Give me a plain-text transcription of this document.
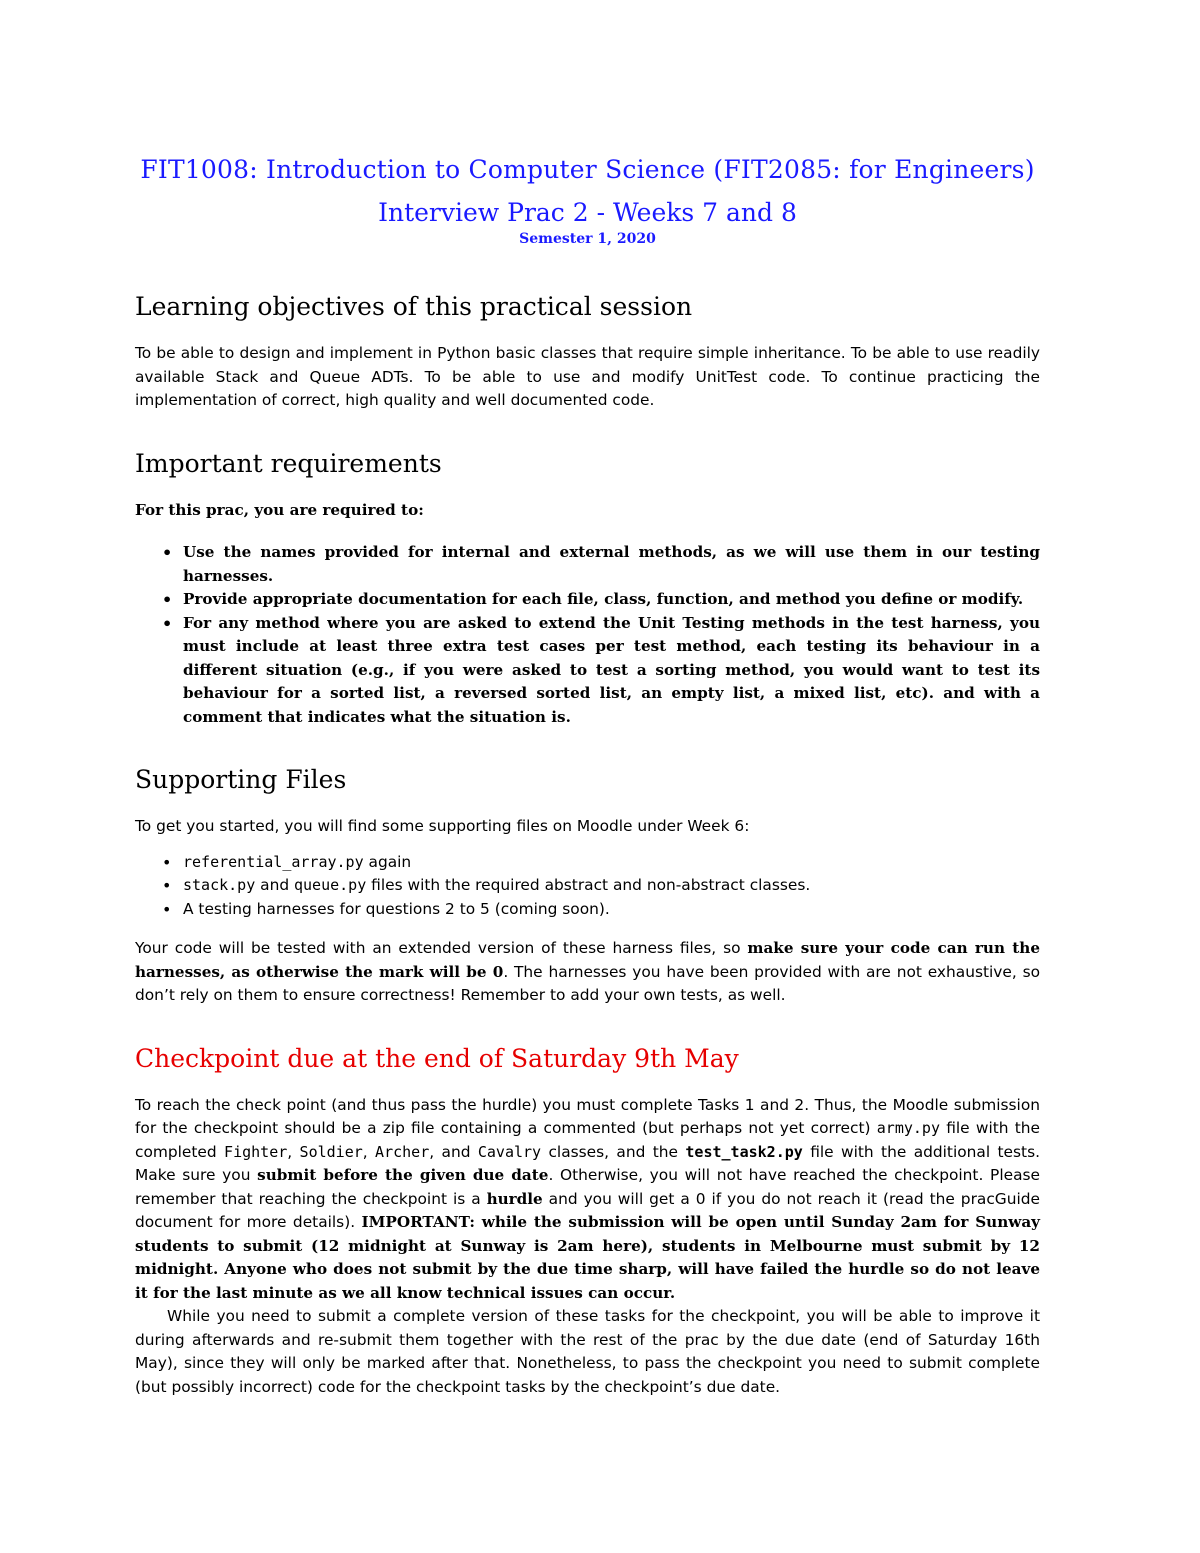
FIT1008: Introduction to Computer Science (FIT2085: for Engineers)
Interview Prac 2 - Weeks 7 and 8
Semester 1, 2020
Learning objectives of this practical session

To be able to design and implement in Python basic classes that require simple inheritance. To be able to use readily available Stack and Queue ADTs. To be able to use and modify UnitTest code. To continue practicing the implementation of correct, high quality and well documented code.

Important requirements

For this prac, you are required to:

• Use the names provided for internal and external methods, as we will use them in our testing harnesses.
• Provide appropriate documentation for each file, class, function, and method you define or modify.
• For any method where you are asked to extend the Unit Testing methods in the test harness, you must include at least three extra test cases per test method, each testing its behaviour in a different situation (e.g., if you were asked to test a sorting method, you would want to test its behaviour for a sorted list, a reversed sorted list, an empty list, a mixed list, etc). and with a comment that indicates what the situation is.
Supporting Files

To get you started, you will find some supporting files on Moodle under Week 6:

• referential_array.py again
• stack.py and queue.py files with the required abstract and non-abstract classes.
• A testing harnesses for questions 2 to 5 (coming soon).

Your code will be tested with an extended version of these harness files, so make sure your code can run the harnesses, as otherwise the mark will be 0. The harnesses you have been provided with are not exhaustive, so don’t rely on them to ensure correctness! Remember to add your own tests, as well.

Checkpoint due at the end of Saturday 9th May

To reach the check point (and thus pass the hurdle) you must complete Tasks 1 and 2. Thus, the Moodle submission for the checkpoint should be a zip file containing a commented (but perhaps not yet correct) army.py file with the completed Fighter, Soldier, Archer, and Cavalry classes, and the test_task2.py file with the additional tests. Make sure you submit before the given due date. Otherwise, you will not have reached the checkpoint. Please remember that reaching the checkpoint is a hurdle and you will get a 0 if you do not reach it (read the pracGuide document for more details). IMPORTANT: while the submission will be open until Sunday 2am for Sunway students to submit (12 midnight at Sunway is 2am here), students in Melbourne must submit by 12 midnight. Anyone who does not submit by the due time sharp, will have failed the hurdle so do not leave it for the last minute as we all know technical issues can occur.

While you need to submit a complete version of these tasks for the checkpoint, you will be able to improve it during afterwards and re-submit them together with the rest of the prac by the due date (end of Saturday 16th May), since they will only be marked after that. Nonetheless, to pass the checkpoint you need to submit complete (but possibly incorrect) code for the checkpoint tasks by the checkpoint’s due date.
